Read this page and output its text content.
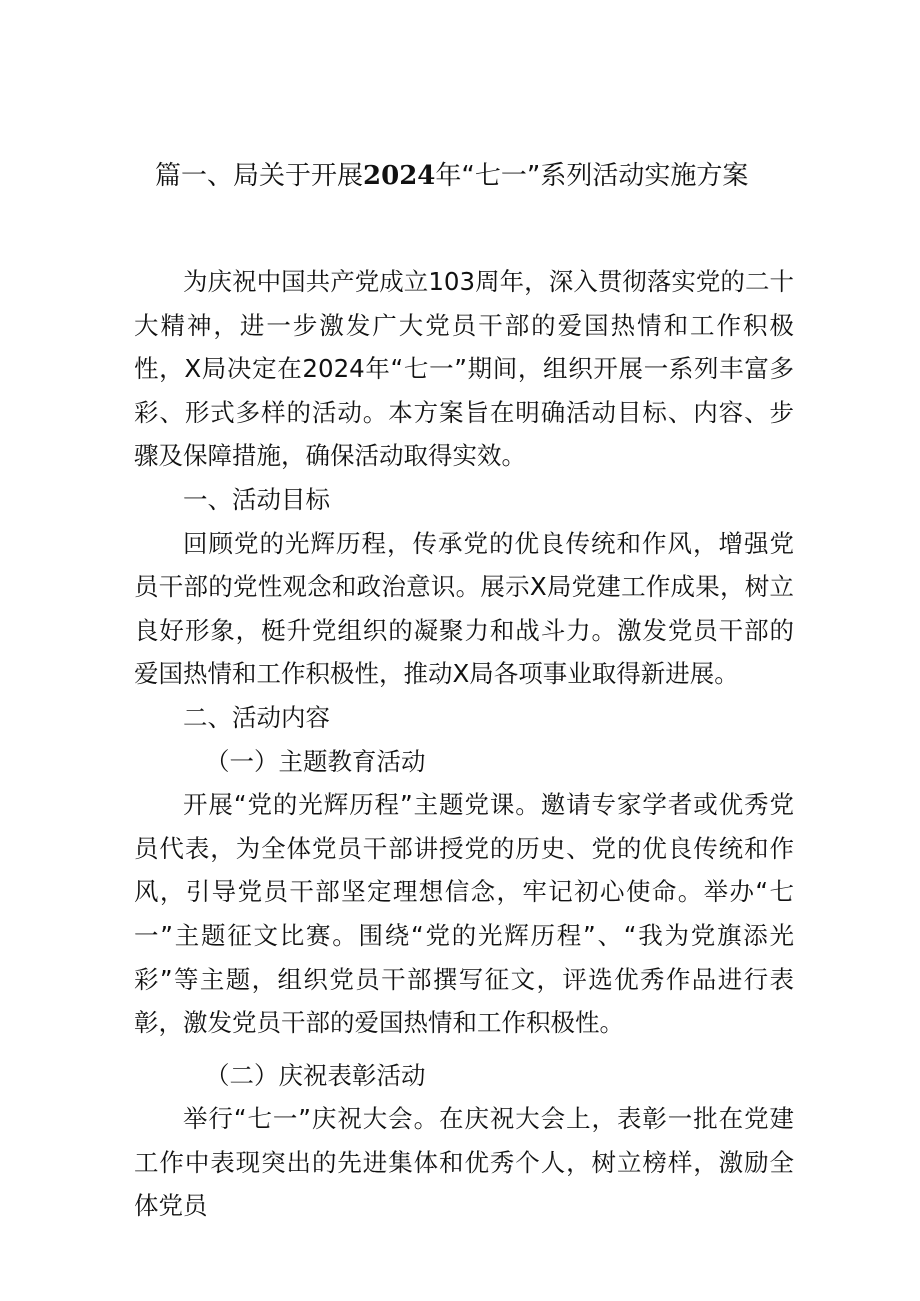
篇一、局关于开展2024年“七一”系列活动实施方案

为庆祝中国共产党成立103周年，深入贯彻落实党的二十大精神，进一步激发广大党员干部的爱国热情和工作积极性，X局决定在2024年“七一”期间，组织开展一系列丰富多彩、形式多样的活动。本方案旨在明确活动目标、内容、步骤及保障措施，确保活动取得实效。

一、活动目标

回顾党的光辉历程，传承党的优良传统和作风，增强党员干部的党性观念和政治意识。展示X局党建工作成果，树立良好形象，梃升党组织的凝聚力和战斗力。激发党员干部的爱国热情和工作积极性，推动X局各项事业取得新进展。

二、活动内容

（一）主题教育活动

开展“党的光辉历程”主题党课。邀请专家学者或优秀党员代表，为全体党员干部讲授党的历史、党的优良传统和作风，引导党员干部坚定理想信念，牢记初心使命。举办“七一”主题征文比赛。围绕“党的光辉历程”、“我为党旗添光彩”等主题，组织党员干部撰写征文，评选优秀作品进行表彰，激发党员干部的爱国热情和工作积极性。

（二）庆祝表彰活动

举行“七一”庆祝大会。在庆祝大会上，表彰一批在党建工作中表现突出的先进集体和优秀个人，树立榜样，激励全体党员
